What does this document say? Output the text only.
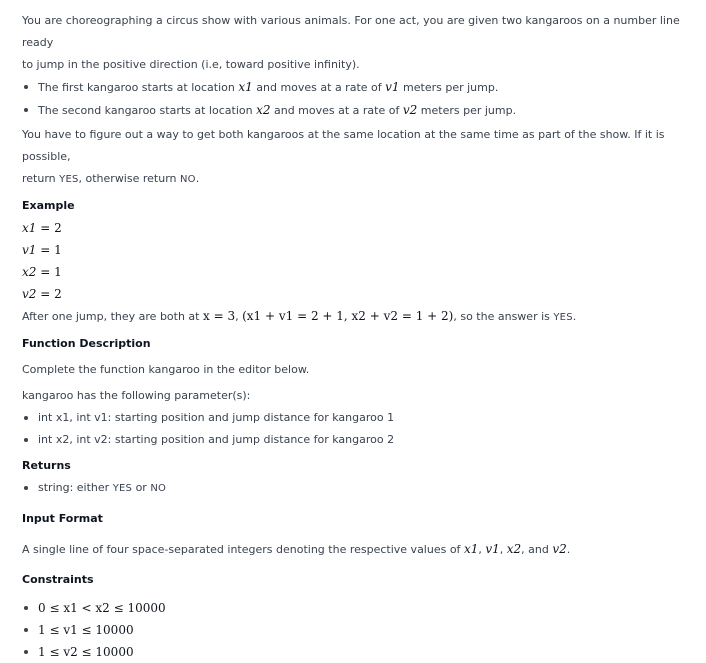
You are choreographing a circus show with various animals. For one act, you are given two kangaroos on a number line ready

to jump in the positive direction (i.e, toward positive infinity).

The first kangaroo starts at location x1 and moves at a rate of v1 meters per jump.
The second kangaroo starts at location x2 and moves at a rate of v2 meters per jump.

You have to figure out a way to get both kangaroos at the same location at the same time as part of the show. If it is possible,

return YES, otherwise return NO.

Example

x1 = 2

v1 = 1

x2 = 1

v2 = 2

After one jump, they are both at x = 3, (x1 + v1 = 2 + 1, x2 + v2 = 1 + 2), so the answer is YES.

Function Description

Complete the function kangaroo in the editor below.

kangaroo has the following parameter(s):

int x1, int v1: starting position and jump distance for kangaroo 1
int x2, int v2: starting position and jump distance for kangaroo 2

Returns

string: either YES or NO

Input Format

A single line of four space-separated integers denoting the respective values of x1, v1, x2, and v2.

Constraints

0 ≤ x1 < x2 ≤ 10000
1 ≤ v1 ≤ 10000
1 ≤ v2 ≤ 10000
